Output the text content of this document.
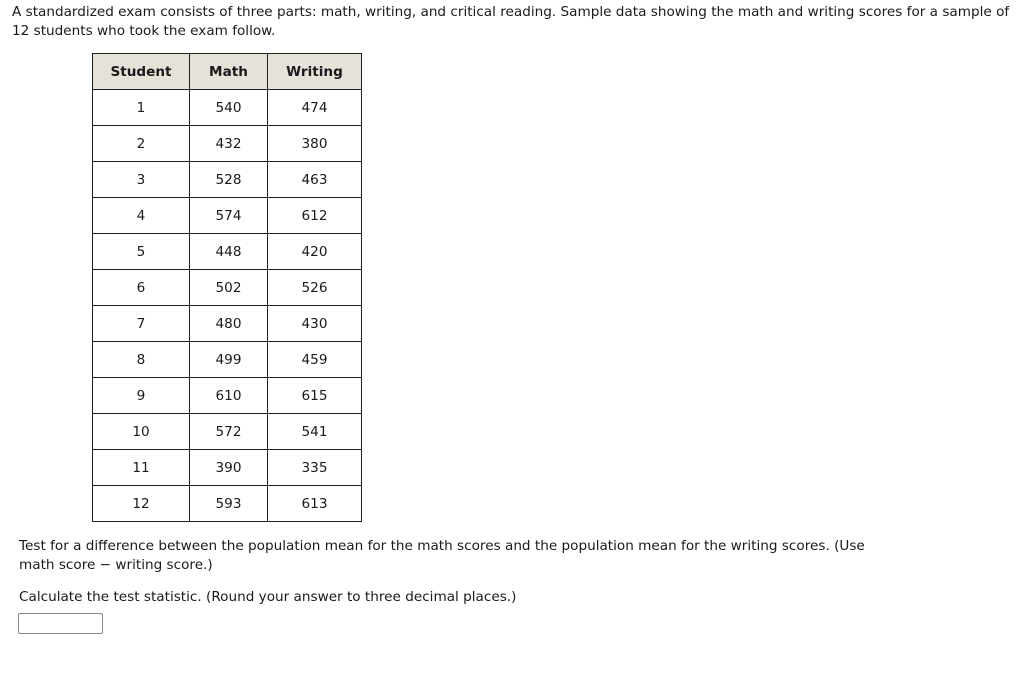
A standardized exam consists of three parts: math, writing, and critical reading. Sample data showing the math and writing scores for a sample of 12 students who took the exam follow.

Student	Math	Writing
1	540	474
2	432	380
3	528	463
4	574	612
5	448	420
6	502	526
7	480	430
8	499	459
9	610	615
10	572	541
11	390	335
12	593	613

Test for a difference between the population mean for the math scores and the population mean for the writing scores. (Use math score − writing score.)

Calculate the test statistic. (Round your answer to three decimal places.)
